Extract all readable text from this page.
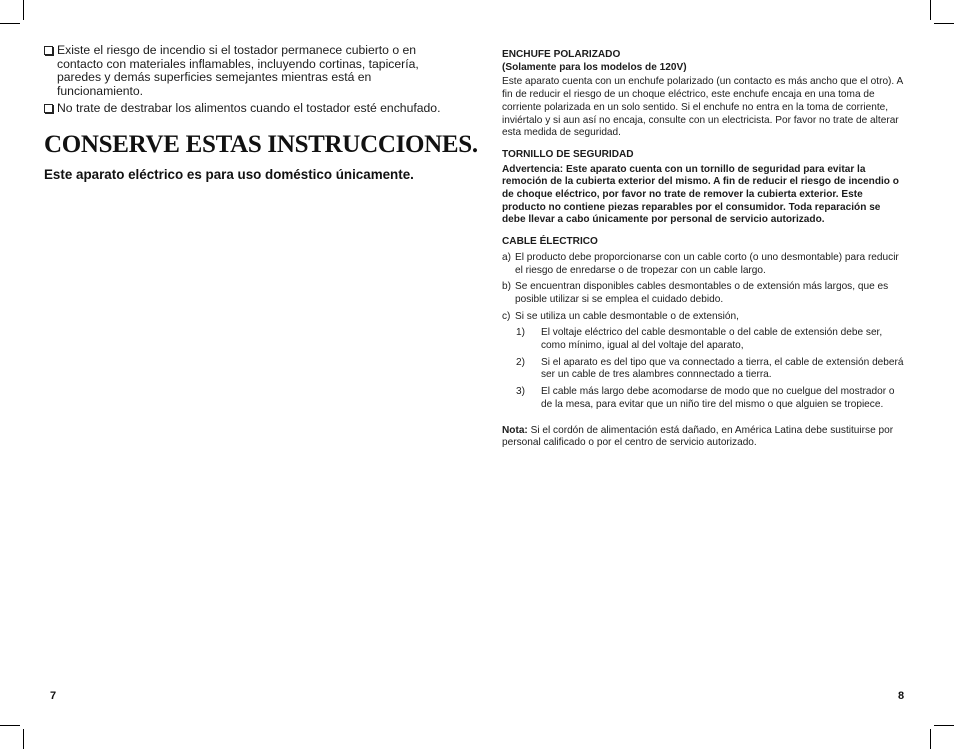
Existe el riesgo de incendio si el tostador permanece cubierto o en contacto con materiales inflamables, incluyendo cortinas, tapicería, paredes y demás superficies semejantes mientras está en funcionamiento.
No trate de destrabar los alimentos cuando el tostador esté enchufado.
CONSERVE ESTAS INSTRUCCIONES.
Este aparato eléctrico es para uso doméstico únicamente.
7
ENCHUFE POLARIZADO
(Solamente para los modelos de 120V)

Este aparato cuenta con un enchufe polarizado (un contacto es más ancho que el otro). A fin de reducir el riesgo de un choque eléctrico, este enchufe encaja en una toma de corriente polarizada en un solo sentido. Si el enchufe no entra en la toma de corriente, inviértalo y si aun así no encaja, consulte con un electricista. Por favor no trate de alterar esta medida de seguridad.

TORNILLO DE SEGURIDAD

Advertencia: Este aparato cuenta con un tornillo de seguridad para evitar la remoción de la cubierta exterior del mismo. A fin de reducir el riesgo de incendio o de choque eléctrico, por favor no trate de remover la cubierta exterior. Este producto no contiene piezas reparables por el consumidor. Toda reparación se debe llevar a cabo únicamente por personal de servicio autorizado.

CABLE ÉLECTRICO
a) El producto debe proporcionarse con un cable corto (o uno desmontable) para reducir el riesgo de enredarse o de tropezar con un cable largo.
b) Se encuentran disponibles cables desmontables o de extensión más largos, que es posible utilizar si se emplea el cuidado debido.
c) Si se utiliza un cable desmontable o de extensión,
1) El voltaje eléctrico del cable desmontable o del cable de extensión debe ser, como mínimo, igual al del voltaje del aparato,
2) Si el aparato es del tipo que va connectado a tierra, el cable de extensión deberá ser un cable de tres alambres connnectado a tierra.
3) El cable más largo debe acomodarse de modo que no cuelgue del mostrador o de la mesa, para evitar que un niño tire del mismo o que alguien se tropiece.

Nota: Si el cordón de alimentación está dañado, en América Latina debe sustituirse por personal calificado o por el centro de servicio autorizado.

8
